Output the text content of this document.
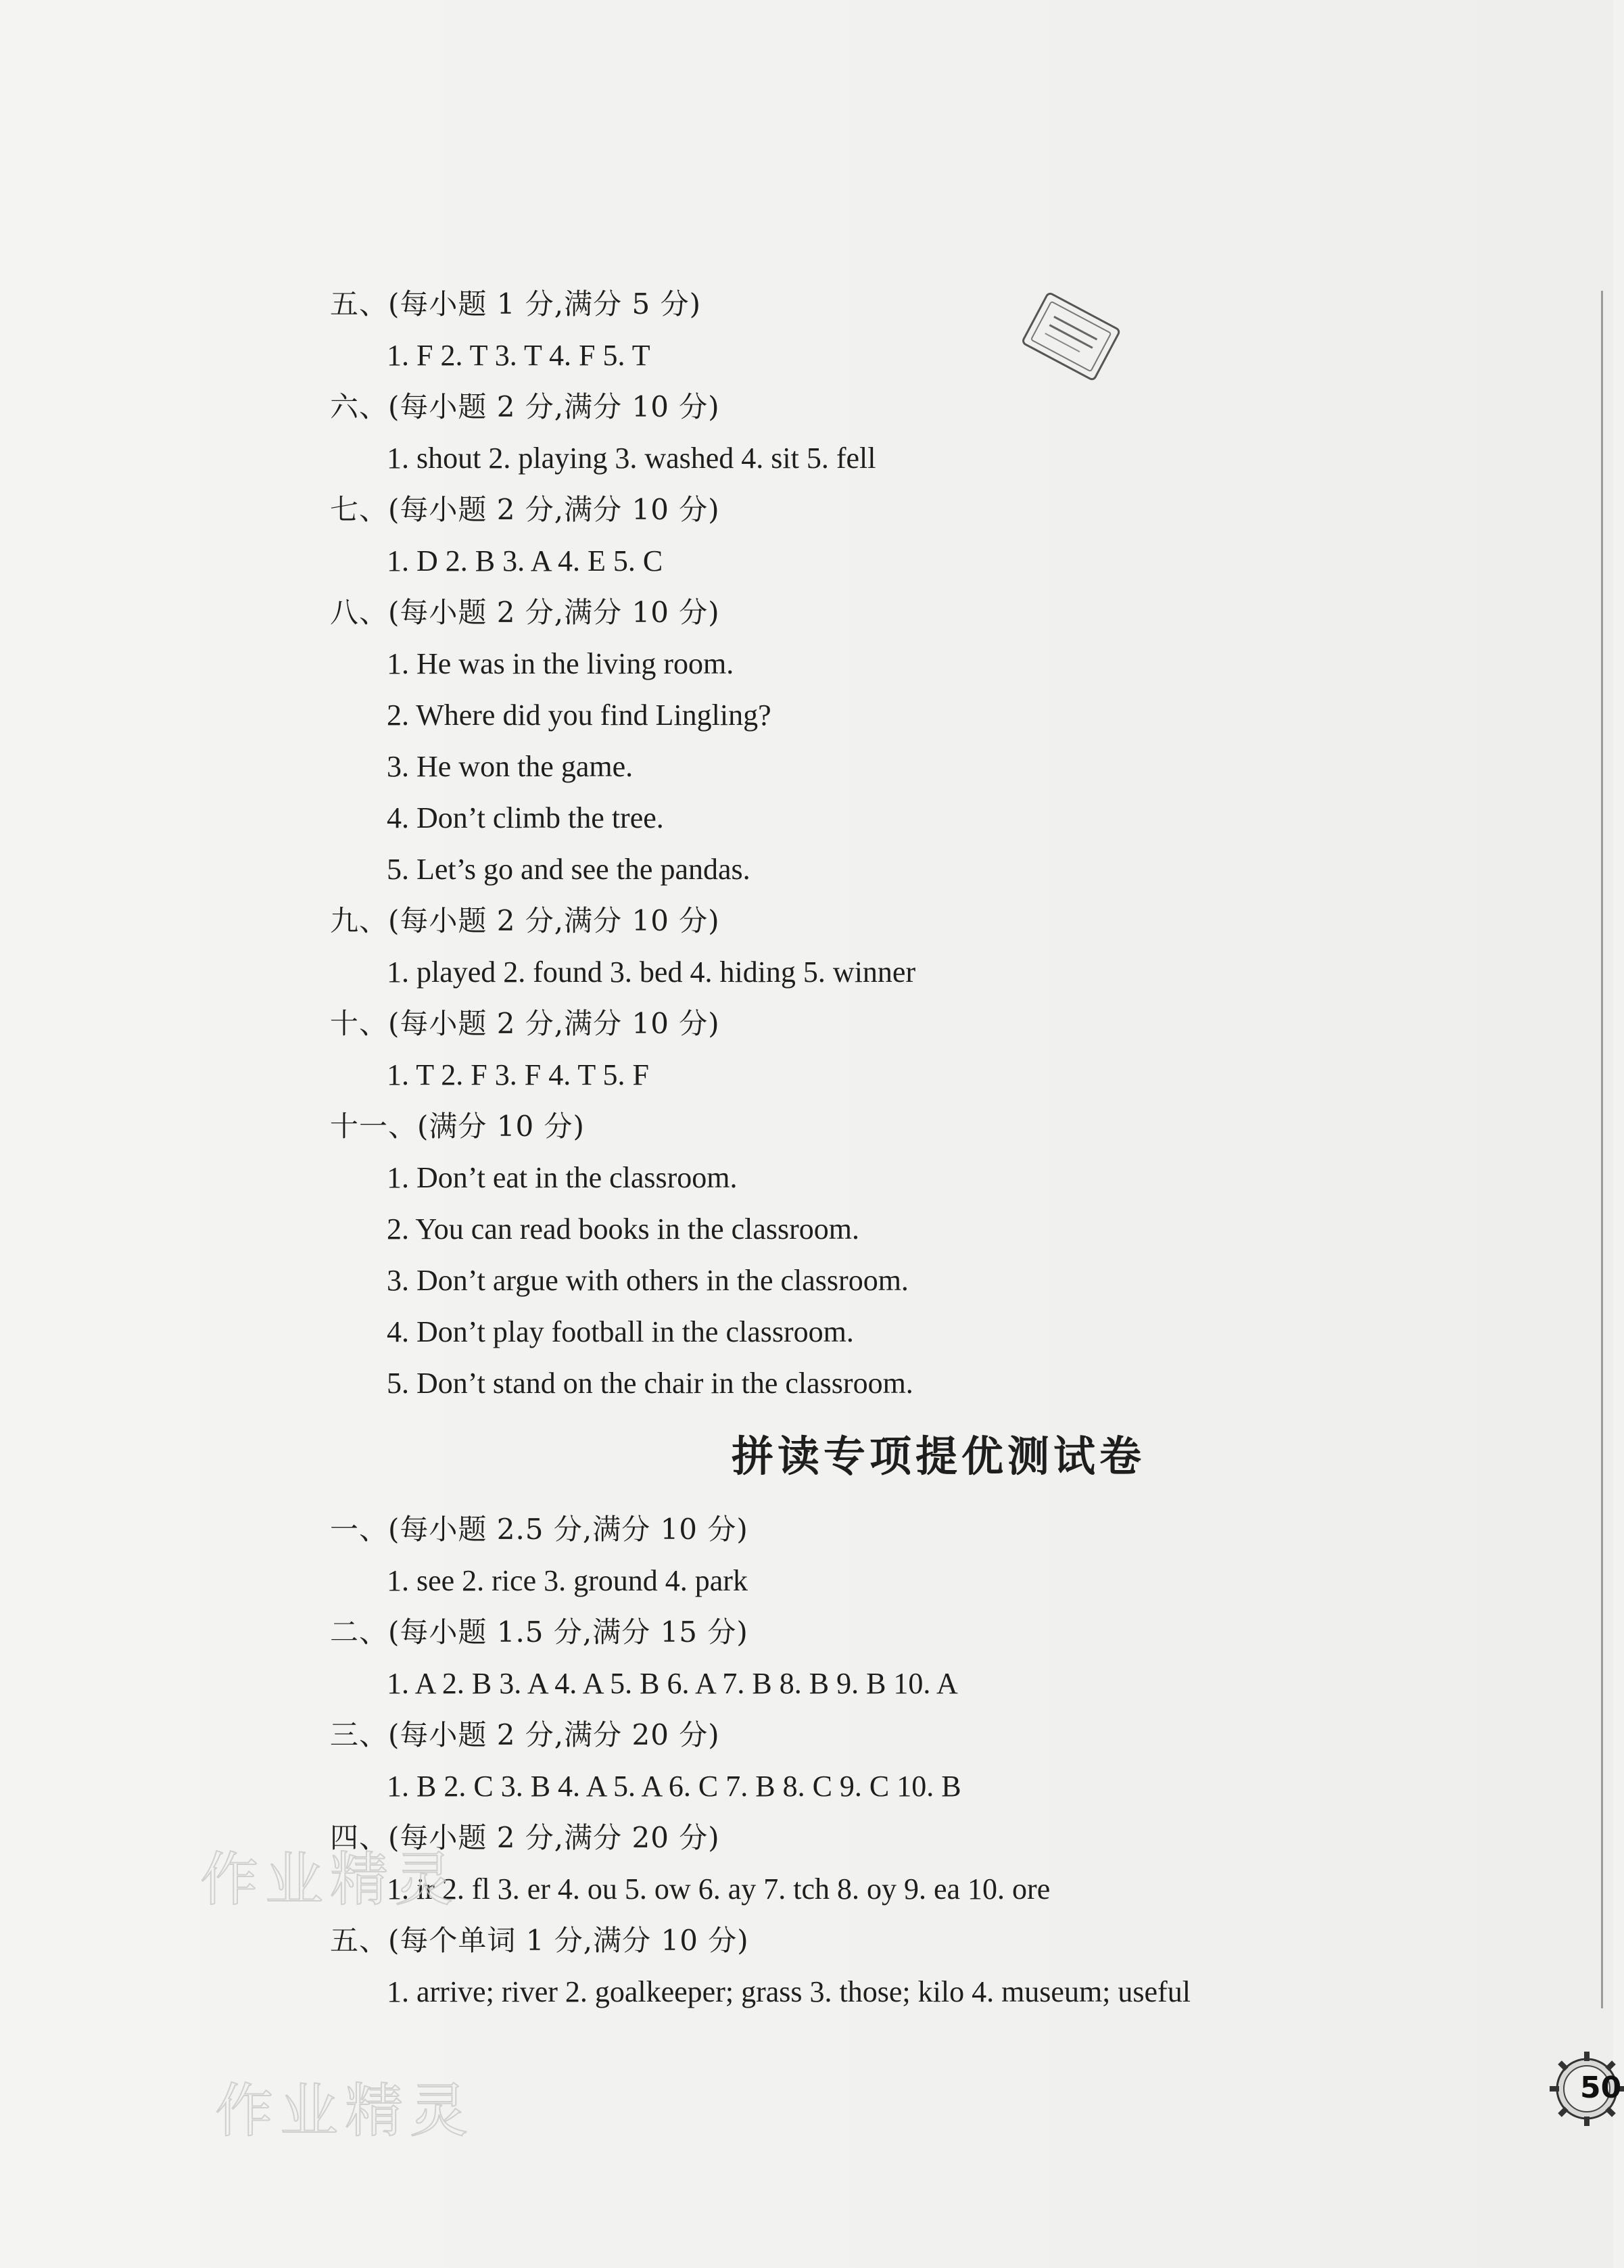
五、(每小题 1 分,满分 5 分)
1. F 2. T 3. T 4. F 5. T
六、(每小题 2 分,满分 10 分)
1. shout 2. playing 3. washed 4. sit 5. fell
七、(每小题 2 分,满分 10 分)
1. D 2. B 3. A 4. E 5. C
八、(每小题 2 分,满分 10 分)
1. He was in the living room.
2. Where did you find Lingling?
3. He won the game.
4. Don’t climb the tree.
5. Let’s go and see the pandas.
九、(每小题 2 分,满分 10 分)
1. played 2. found 3. bed 4. hiding 5. winner
十、(每小题 2 分,满分 10 分)
1. T 2. F 3. F 4. T 5. F
十一、(满分 10 分)
1. Don’t eat in the classroom.
2. You can read books in the classroom.
3. Don’t argue with others in the classroom.
4. Don’t play football in the classroom.
5. Don’t stand on the chair in the classroom.
拼读专项提优测试卷
一、(每小题 2.5 分,满分 10 分)
1. see 2. rice 3. ground 4. park
二、(每小题 1.5 分,满分 15 分)
1. A 2. B 3. A 4. A 5. B 6. A 7. B 8. B 9. B 10. A
三、(每小题 2 分,满分 20 分)
1. B 2. C 3. B 4. A 5. A 6. C 7. B 8. C 9. C 10. B
四、(每小题 2 分,满分 20 分)
1. ir 2. fl 3. er 4. ou 5. ow 6. ay 7. tch 8. oy 9. ea 10. ore
五、(每个单词 1 分,满分 10 分)
1. arrive; river 2. goalkeeper; grass 3. those; kilo 4. museum; useful
作业精灵
作业精灵	50
